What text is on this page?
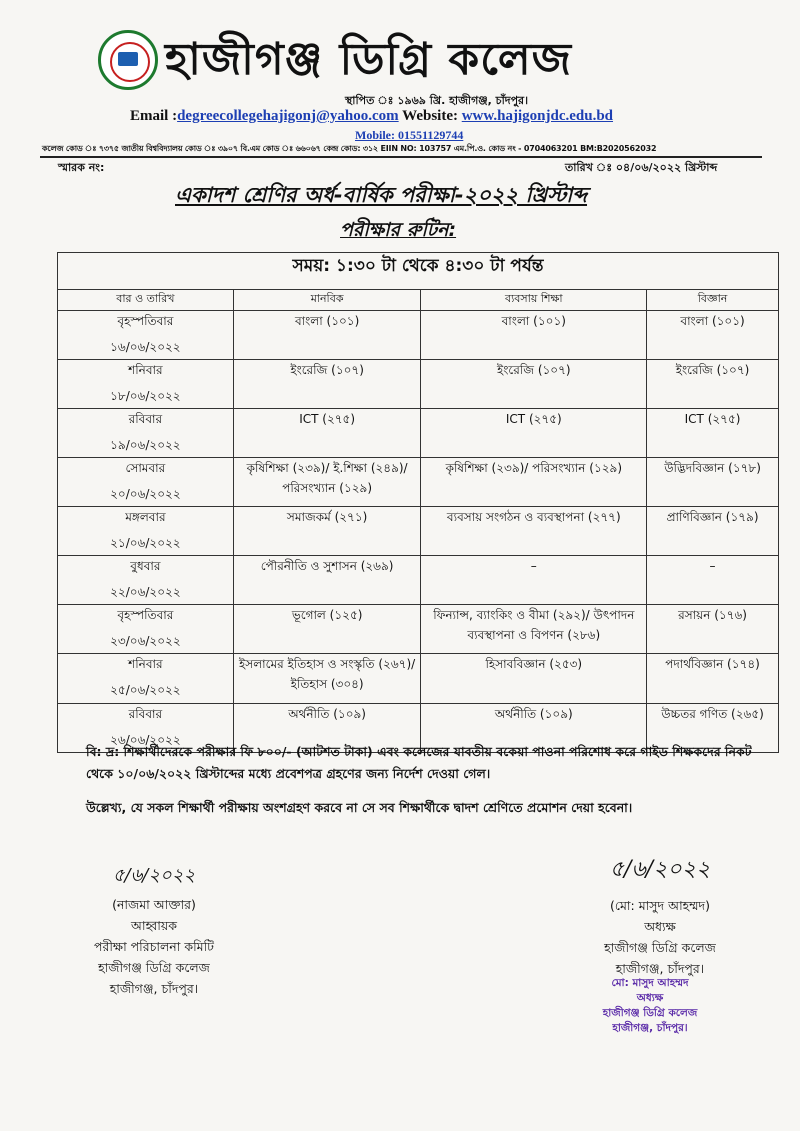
হাজীগঞ্জ ডিগ্রি কলেজ
স্থাপিত ঃ ১৯৬৯ খ্রি. হাজীগঞ্জ, চাঁদপুর।
Email :degreecollegehajigonj@yahoo.com Website: www.hajigonjdc.edu.bd
Mobile: 01551129744
কলেজ কোড ঃ ৭৩৭৫ জাতীয় বিশ্ববিদ্যালয় কোড ঃ ৩৯০৭ বি.এম কোড ঃ ৬৬০৬৭ কেন্দ্র কোড: ৩১২ EIIN NO: 103757 এম.পি.ও. কোড নং - 0704063201 BM:B2020562032
স্মারক নং:	তারিখ ঃ ০৪/০৬/২০২২ খ্রিস্টাব্দ
একাদশ শ্রেণির অর্ধ-বার্ষিক পরীক্ষা-২০২২ খ্রিস্টাব্দ
পরীক্ষার রুটিন:
সময়: ১:৩০ টা থেকে ৪:৩০ টা পর্যন্ত			
বার ও তারিখ	মানবিক	ব্যবসায় শিক্ষা	বিজ্ঞান

বৃহস্পতিবার
১৬/০৬/২০২২	বাংলা (১০১)	বাংলা (১০১)	বাংলা (১০১)

শনিবার
১৮/০৬/২০২২	ইংরেজি (১০৭)	ইংরেজি (১০৭)	ইংরেজি (১০৭)

রবিবার
১৯/০৬/২০২২	ICT (২৭৫)	ICT (২৭৫)	ICT (২৭৫)

সোমবার
২০/০৬/২০২২	কৃষিশিক্ষা (২৩৯)/ ই.শিক্ষা (২৪৯)/ পরিসংখ্যান (১২৯)	কৃষিশিক্ষা (২৩৯)/ পরিসংখ্যান (১২৯)	উদ্ভিদবিজ্ঞান (১৭৮)

মঙ্গলবার
২১/০৬/২০২২	সমাজকর্ম (২৭১)	ব্যবসায় সংগঠন ও ব্যবস্থাপনা (২৭৭)	প্রাণিবিজ্ঞান (১৭৯)

বুধবার
২২/০৬/২০২২	পৌরনীতি ও সুশাসন (২৬৯)	–	–

বৃহস্পতিবার
২৩/০৬/২০২২	ভূগোল (১২৫)	ফিন্যান্স, ব্যাংকিং ও বীমা (২৯২)/ উৎপাদন ব্যবস্থাপনা ও বিপণন (২৮৬)	রসায়ন (১৭৬)

শনিবার
২৫/০৬/২০২২	ইসলামের ইতিহাস ও সংস্কৃতি (২৬৭)/ইতিহাস (৩০৪)	হিসাববিজ্ঞান (২৫৩)	পদার্থবিজ্ঞান (১৭৪)

রবিবার
২৬/০৬/২০২২	অর্থনীতি (১০৯)	অর্থনীতি (১০৯)	উচ্চতর গণিত (২৬৫)
বি: দ্র: শিক্ষার্থীদেরকে পরীক্ষার ফি ৮০০/- (আটশত টাকা) এবং কলেজের যাবতীয় বকেয়া পাওনা পরিশোধ করে গাইড শিক্ষকদের নিকট থেকে ১০/০৬/২০২২ খ্রিস্টাব্দের মধ্যে প্রবেশপত্র গ্রহণের জন্য নির্দেশ দেওয়া গেল।
উল্লেখ্য, যে সকল শিক্ষার্থী পরীক্ষায় অংশগ্রহণ করবে না সে সব শিক্ষার্থীকে দ্বাদশ শ্রেণিতে প্রমোশন দেয়া হবেনা।
৫/৬/২০২২
(নাজমা আক্তার)
আহ্বায়ক
পরীক্ষা পরিচালনা কমিটি
হাজীগঞ্জ ডিগ্রি কলেজ
হাজীগঞ্জ, চাঁদপুর।
৫/৬/২০২২
(মো: মাসুদ আহম্মদ)
অধ্যক্ষ
হাজীগঞ্জ ডিগ্রি কলেজ
হাজীগঞ্জ, চাঁদপুর।
মো: মাসুদ আহম্মদ
অধ্যক্ষ
হাজীগঞ্জ ডিগ্রি কলেজ
হাজীগঞ্জ, চাঁদপুর।
